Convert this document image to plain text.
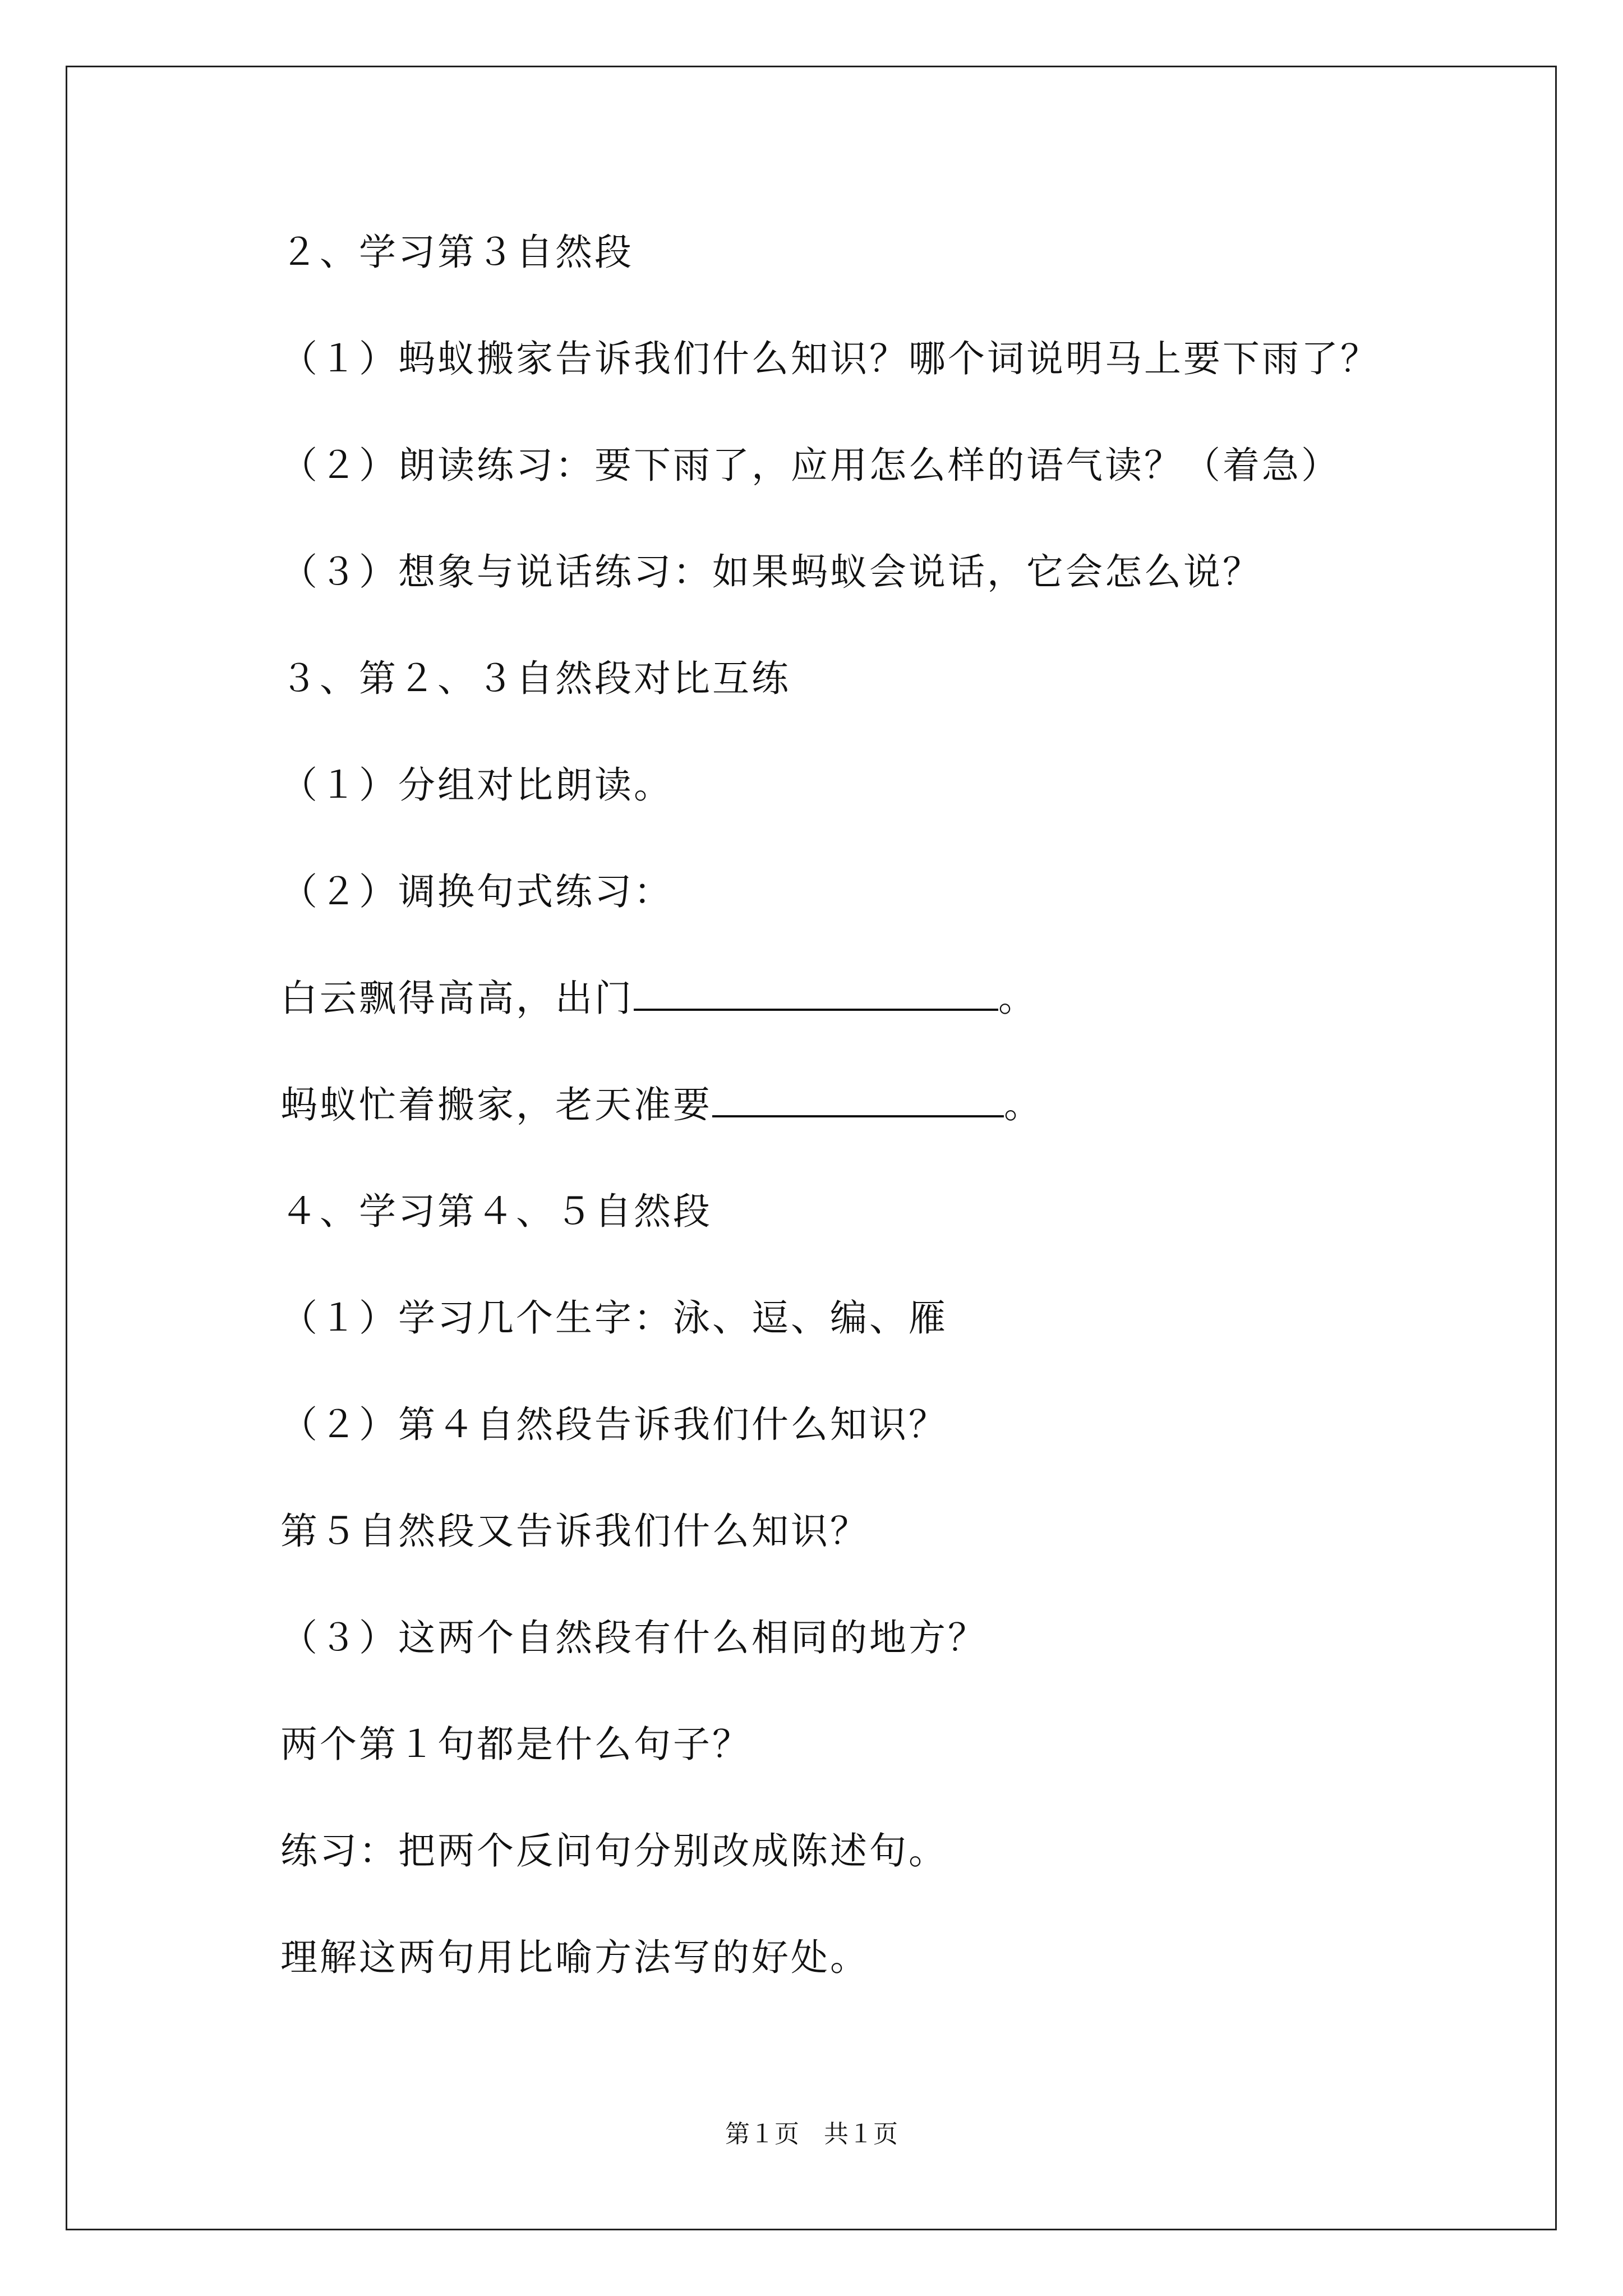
２、学习第３自然段
（１）蚂蚁搬家告诉我们什么知识？哪个词说明马上要下雨了？
（２）朗读练习：要下雨了，应用怎么样的语气读？（着急）
（３）想象与说话练习：如果蚂蚁会说话，它会怎么说？
３、第２、３自然段对比互练
（１）分组对比朗读。
（２）调换句式练习：
白云飘得高高，出门	。
蚂蚁忙着搬家，老天准要	。
４、学习第４、５自然段
（１）学习几个生字：泳、逗、编、雁
（２）第４自然段告诉我们什么知识？
第５自然段又告诉我们什么知识？
（３）这两个自然段有什么相同的地方？
两个第１句都是什么句子？
练习：把两个反问句分别改成陈述句。
理解这两句用比喻方法写的好处。
第１页　共１页
